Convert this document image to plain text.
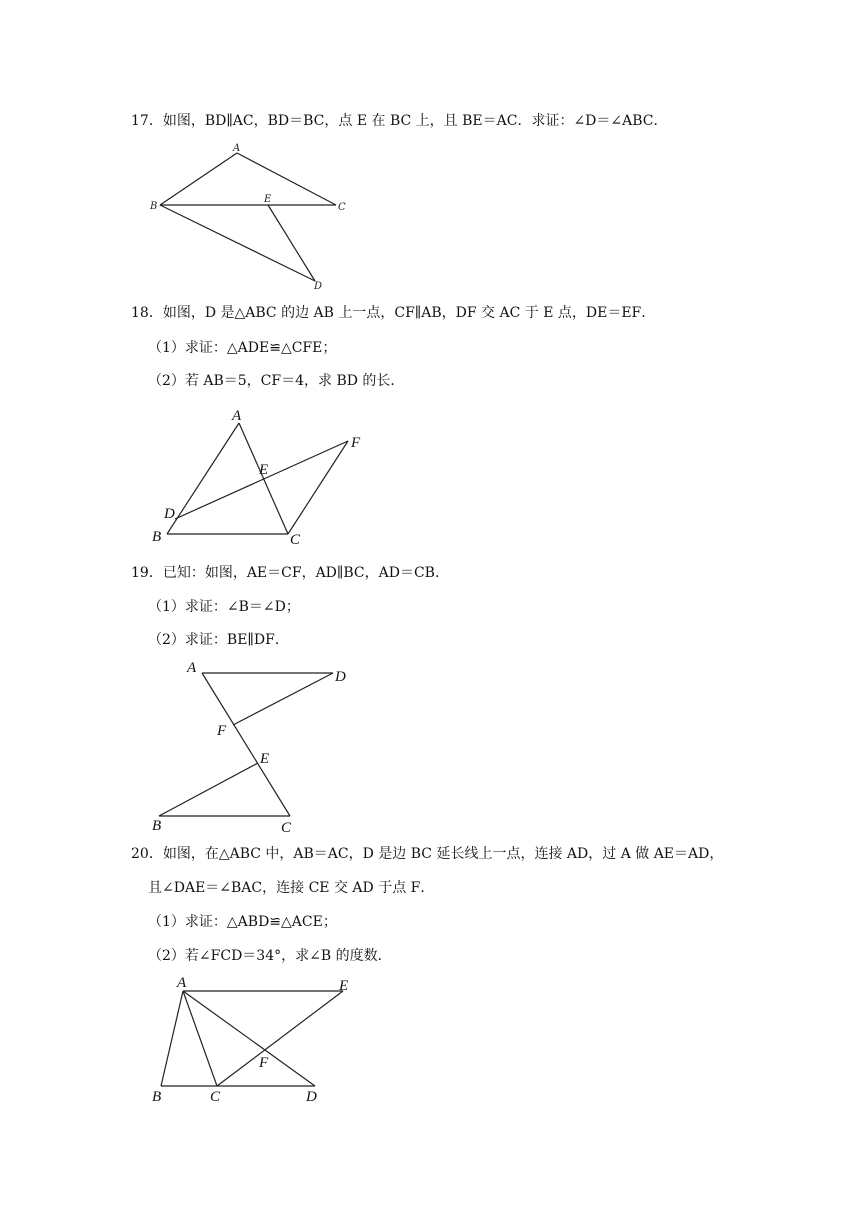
17．如图，BD∥AC，BD＝BC，点 E 在 BC 上，且 BE＝AC．求证：∠D＝∠ABC．
A
B	C
E
D
18．如图，D 是△ABC 的边 AB 上一点，CF∥AB，DF 交 AC 于 E 点，DE＝EF．
（1）求证：△ADE≌△CFE；
（2）若 AB＝5，CF＝4，求 BD 的长．
A
F
E
D
B	C
19．已知：如图，AE＝CF，AD∥BC，AD＝CB．
（1）求证：∠B＝∠D；
（2）求证：BE∥DF．
A
D
F
E
B	C
20．如图，在△ABC 中，AB＝AC，D 是边 BC 延长线上一点，连接 AD，过 A 做 AE＝AD，
且∠DAE＝∠BAC，连接 CE 交 AD 于点 F．
（1）求证：△ABD≌△ACE；
（2）若∠FCD＝34°，求∠B 的度数．
A	E
F
B	C	D
